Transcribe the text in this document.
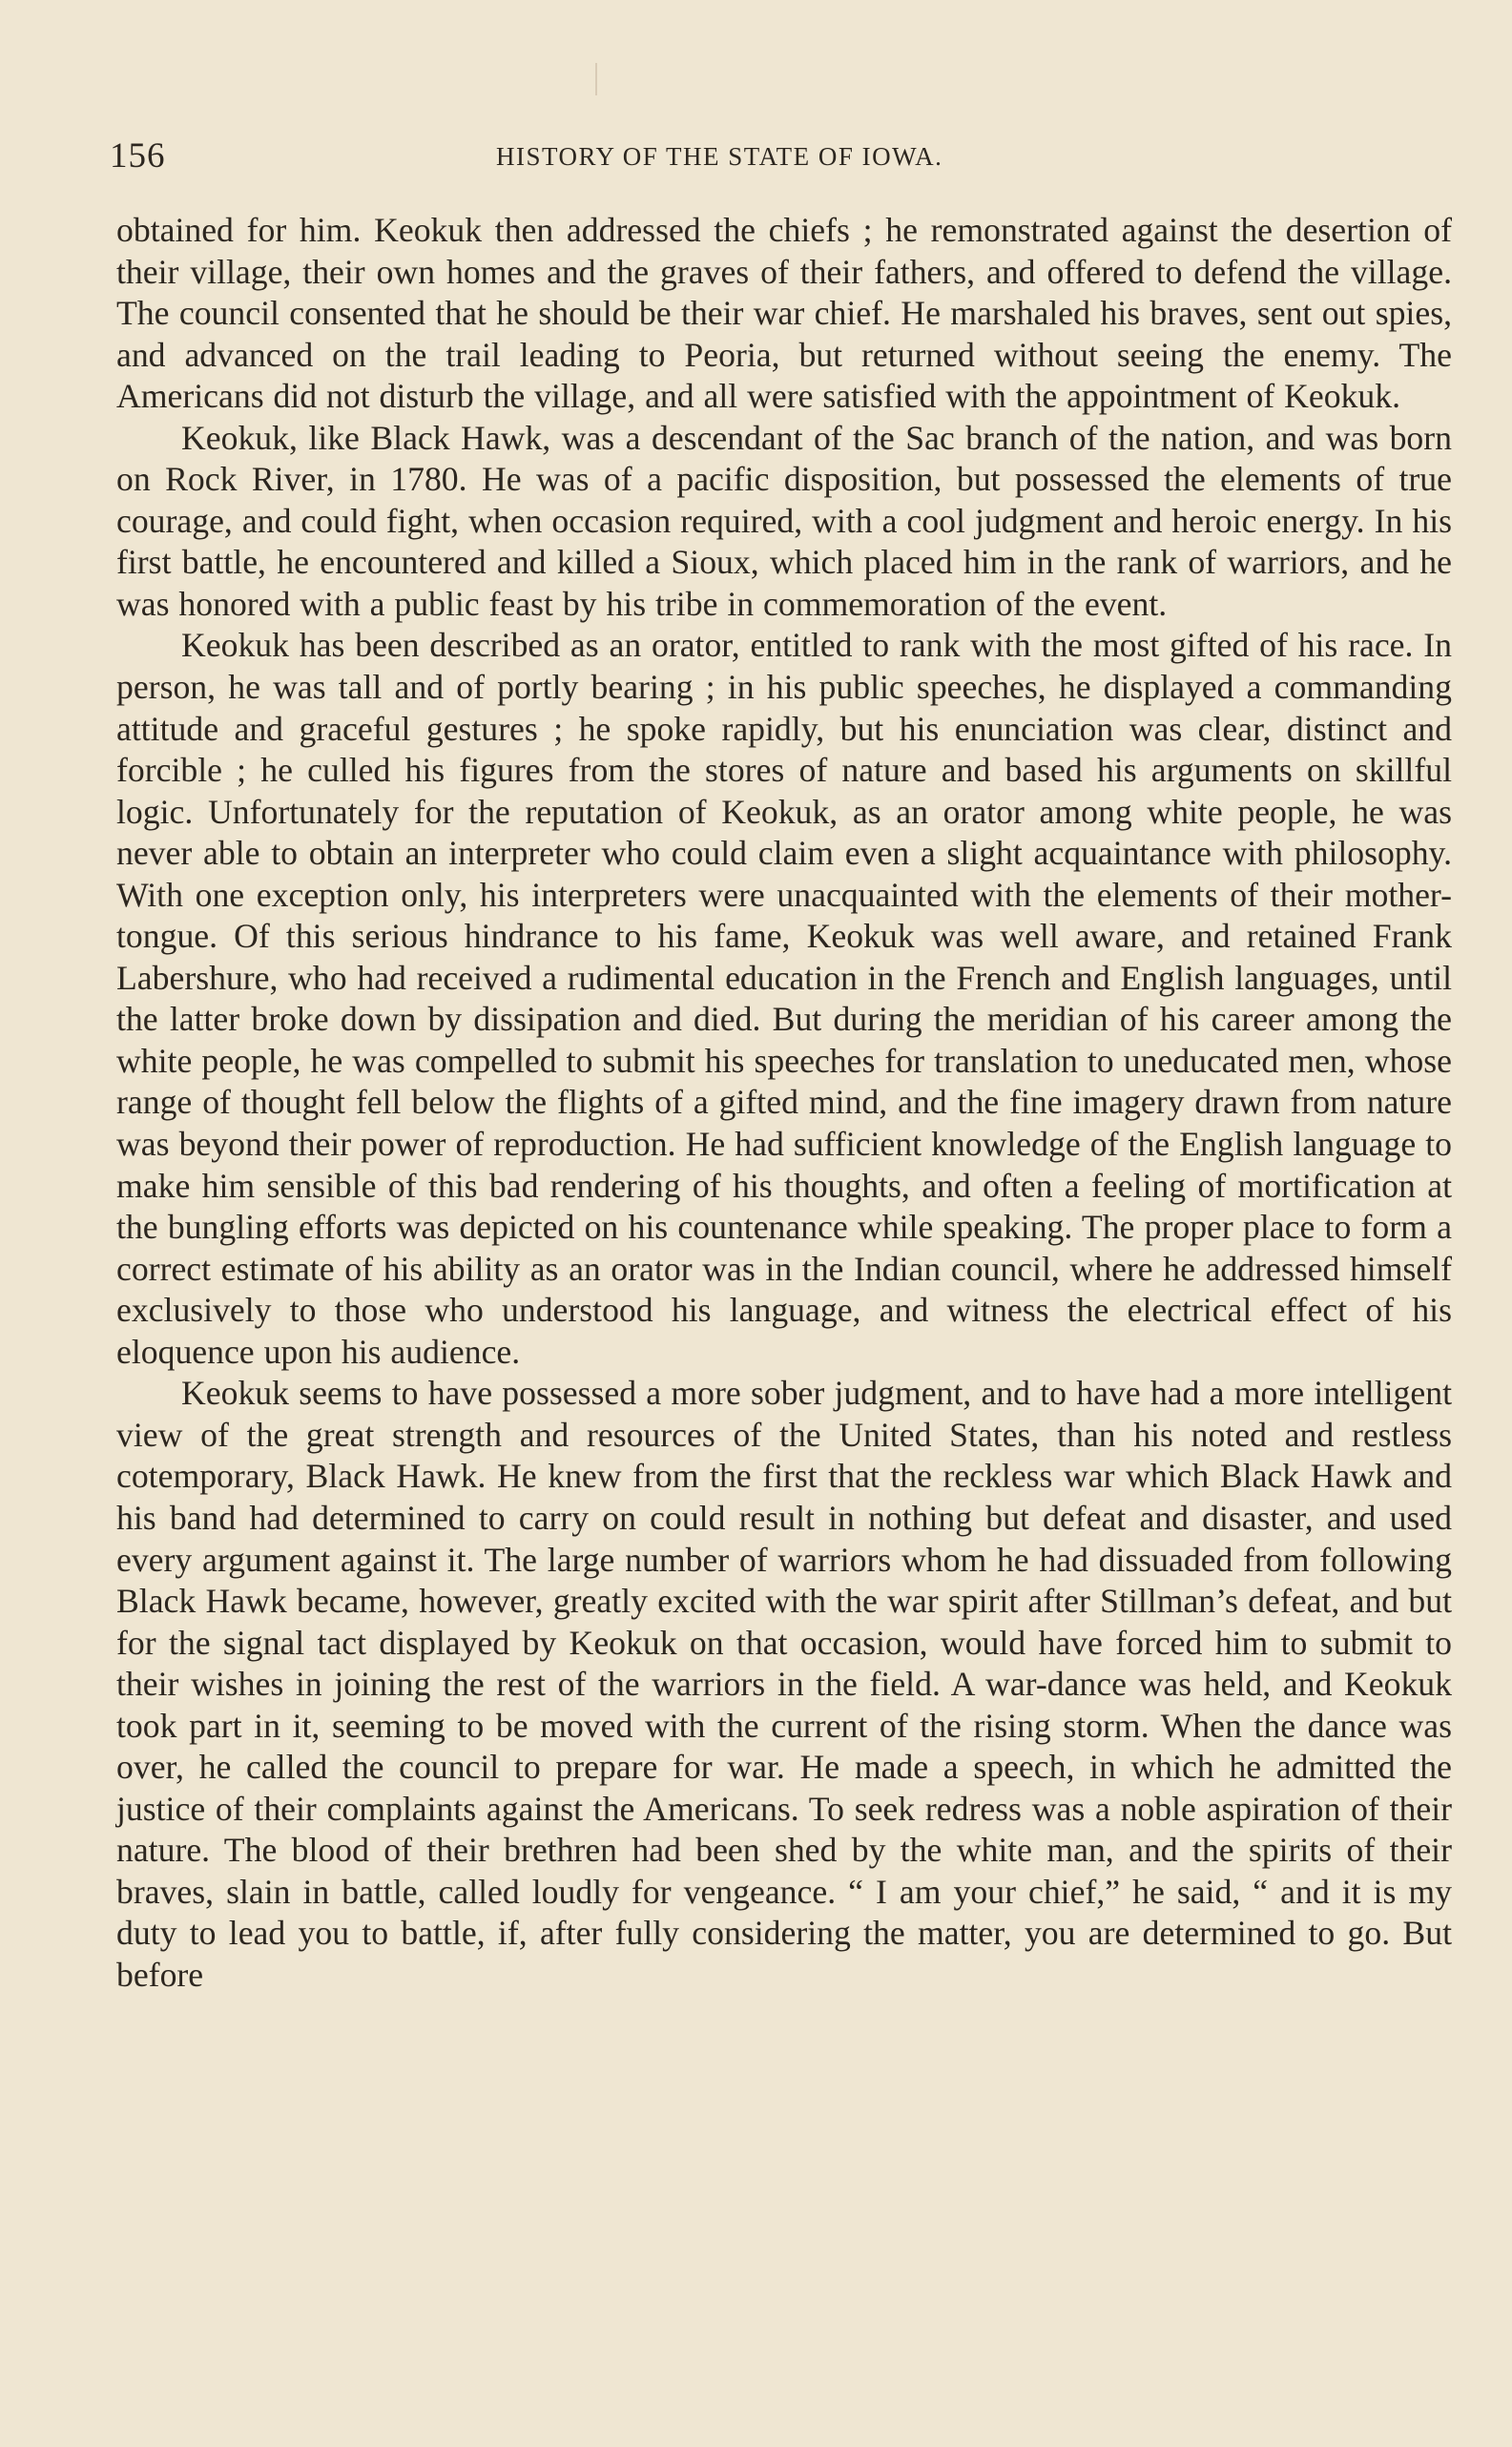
156	HISTORY OF THE STATE OF IOWA.

obtained for him. Keokuk then addressed the chiefs ; he remonstrated against the desertion of their village, their own homes and the graves of their fathers, and offered to defend the village. The council consented that he should be their war chief. He marshaled his braves, sent out spies, and advanced on the trail leading to Peoria, but returned without seeing the enemy. The Americans did not disturb the village, and all were satisfied with the appointment of Keokuk.

Keokuk, like Black Hawk, was a descendant of the Sac branch of the nation, and was born on Rock River, in 1780. He was of a pacific disposition, but possessed the elements of true courage, and could fight, when occasion required, with a cool judgment and heroic energy. In his first battle, he encountered and killed a Sioux, which placed him in the rank of warriors, and he was honored with a public feast by his tribe in commemoration of the event.

Keokuk has been described as an orator, entitled to rank with the most gifted of his race. In person, he was tall and of portly bearing ; in his public speeches, he displayed a commanding attitude and graceful gestures ; he spoke rapidly, but his enunciation was clear, distinct and forcible ; he culled his figures from the stores of nature and based his arguments on skillful logic. Unfortunately for the reputation of Keokuk, as an orator among white people, he was never able to obtain an interpreter who could claim even a slight acquaintance with philosophy. With one exception only, his interpreters were unacquainted with the elements of their mother-tongue. Of this serious hindrance to his fame, Keokuk was well aware, and retained Frank Labershure, who had received a rudimental education in the French and English languages, until the latter broke down by dissipation and died. But during the meridian of his career among the white people, he was compelled to submit his speeches for translation to uneducated men, whose range of thought fell below the flights of a gifted mind, and the fine imagery drawn from nature was beyond their power of reproduction. He had sufficient knowledge of the English language to make him sensible of this bad rendering of his thoughts, and often a feeling of mortification at the bungling efforts was depicted on his countenance while speaking. The proper place to form a correct estimate of his ability as an orator was in the Indian council, where he addressed himself exclusively to those who understood his language, and witness the electrical effect of his eloquence upon his audience.

Keokuk seems to have possessed a more sober judgment, and to have had a more intelligent view of the great strength and resources of the United States, than his noted and restless cotemporary, Black Hawk. He knew from the first that the reckless war which Black Hawk and his band had determined to carry on could result in nothing but defeat and disaster, and used every argument against it. The large number of warriors whom he had dissuaded from following Black Hawk became, however, greatly excited with the war spirit after Stillman’s defeat, and but for the signal tact displayed by Keokuk on that occasion, would have forced him to submit to their wishes in joining the rest of the warriors in the field. A war-dance was held, and Keokuk took part in it, seeming to be moved with the current of the rising storm. When the dance was over, he called the council to prepare for war. He made a speech, in which he admitted the justice of their complaints against the Americans. To seek redress was a noble aspiration of their nature. The blood of their brethren had been shed by the white man, and the spirits of their braves, slain in battle, called loudly for vengeance. “ I am your chief,” he said, “ and it is my duty to lead you to battle, if, after fully considering the matter, you are determined to go. But before
